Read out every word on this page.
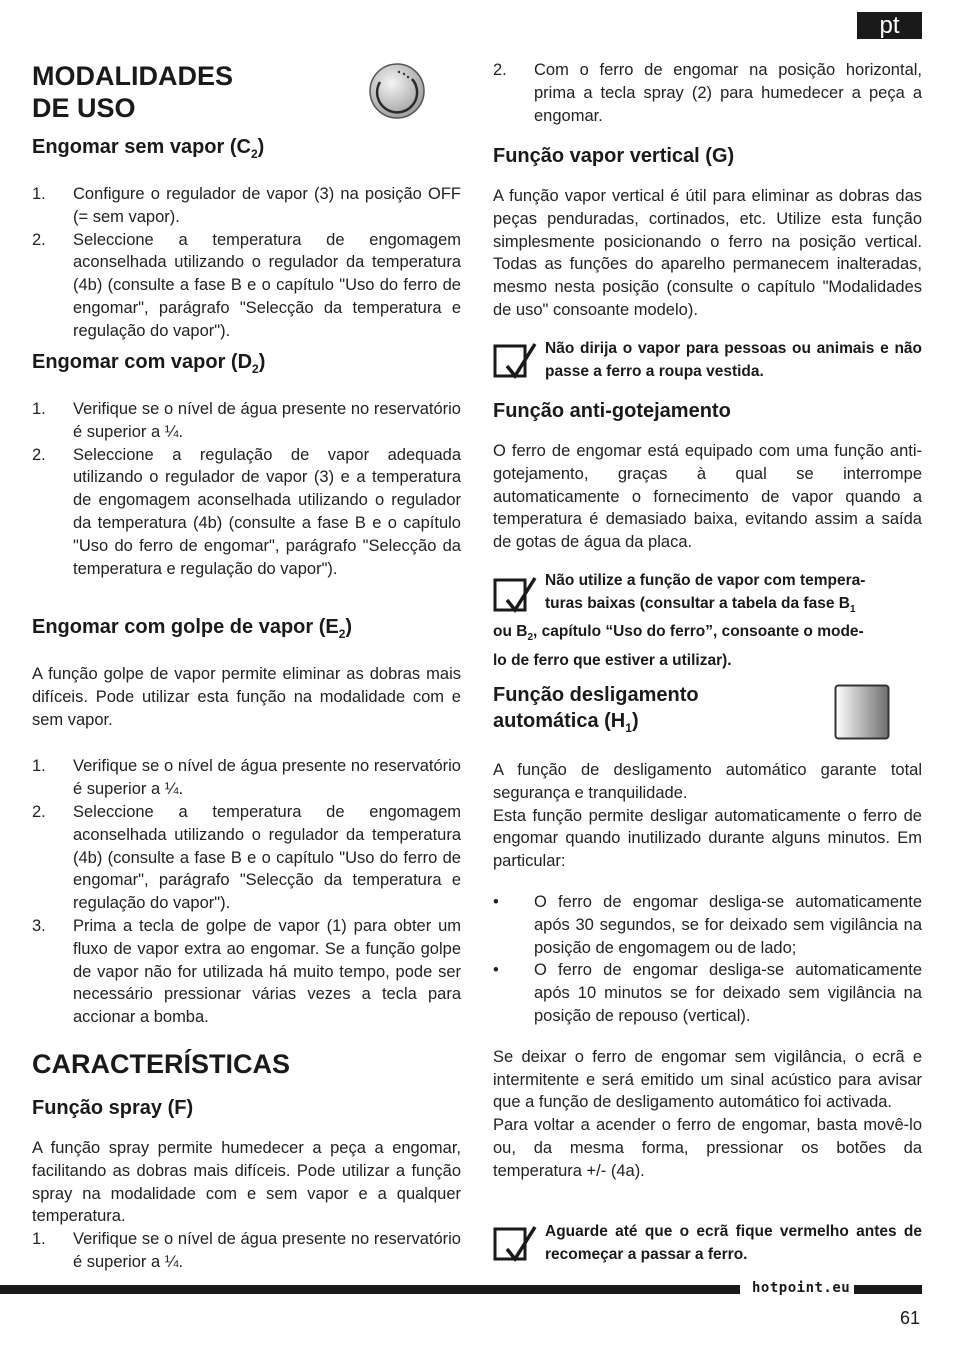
pt
MODALIDADES
DE USO
Engomar sem vapor $(C_2)$
1. Configure o regulador de vapor (3) na posição OFF (= sem vapor).
2. Seleccione a temperatura de engomagem aconselhada utilizando o regulador da temperatura (4b) (consulte a fase B e o capítulo "Uso do ferro de engomar", parágrafo "Selecção da temperatura e regulação do vapor").
Engomar com vapor $(D_2)$
1. Verifique se o nível de água presente no reservatório é superior a ¼.
2. Seleccione a regulação de vapor adequada utilizando o regulador de vapor (3) e a temperatura de engomagem aconselhada utilizando o regulador da temperatura (4b) (consulte a fase B e o capítulo "Uso do ferro de engomar", parágrafo "Selecção da temperatura e regulação do vapor").
Engomar com golpe de vapor $(E_2)$

A função golpe de vapor permite eliminar as dobras mais difíceis. Pode utilizar esta função na modalidade com e sem vapor.

1. Verifique se o nível de água presente no reservatório é superior a ¼.
2. Seleccione a temperatura de engomagem aconselhada utilizando o regulador da temperatura (4b) (consulte a fase B e o capítulo "Uso do ferro de engomar", parágrafo "Selecção da temperatura e regulação do vapor").
3. Prima a tecla de golpe de vapor (1) para obter um fluxo de vapor extra ao engomar. Se a função golpe de vapor não for utilizada há muito tempo, pode ser necessário pressionar várias vezes a tecla para accionar a bomba.
CARACTERÍSTICAS
Função spray (F)

A função spray permite humedecer a peça a engomar, facilitando as dobras mais difíceis. Pode utilizar a função spray na modalidade com e sem vapor e a qualquer temperatura.

1. Verifique se o nível de água presente no reservatório é superior a ¼.
2. Com o ferro de engomar na posição horizontal, prima a tecla spray (2) para humedecer a peça a engomar.
Função vapor vertical (G)

A função vapor vertical é útil para eliminar as dobras das peças penduradas, cortinados, etc. Utilize esta função simplesmente posicionando o ferro na posição vertical. Todas as funções do aparelho permanecem inalteradas, mesmo nesta posição (consulte o capítulo "Modalidades de uso" consoante modelo).

Não dirija o vapor para pessoas ou animais e não passe a ferro a roupa vestida.
Função anti-gotejamento

O ferro de engomar está equipado com uma função anti-gotejamento, graças à qual se interrompe automaticamente o fornecimento de vapor quando a temperatura é demasiado baixa, evitando assim a saída de gotas de água da placa.

Não utilize a função de vapor com tempera-
turas baixas (consultar a tabela da fase $B_1$
ou $B_2$, capítulo “Uso do ferro”, consoante o mode-
lo de ferro que estiver a utilizar).
Função desligamento
automática $(H_1)$

A função de desligamento automático garante total segurança e tranquilidade.

Esta função permite desligar automaticamente o ferro de engomar quando inutilizado durante alguns minutos. Em particular:

• O ferro de engomar desliga-se automaticamente após 30 segundos, se for deixado sem vigilância na posição de engomagem ou de lado;
• O ferro de engomar desliga-se automaticamente após 10 minutos se for deixado sem vigilância na posição de repouso (vertical).

Se deixar o ferro de engomar sem vigilância, o ecrã e intermitente e será emitido um sinal acústico para avisar que a função de desligamento automático foi activada.

Para voltar a acender o ferro de engomar, basta movê-lo ou, da mesma forma, pressionar os botões da temperatura +/- (4a).

Aguarde até que o ecrã fique vermelho antes de recomeçar a passar a ferro.
hotpoint.eu
61
